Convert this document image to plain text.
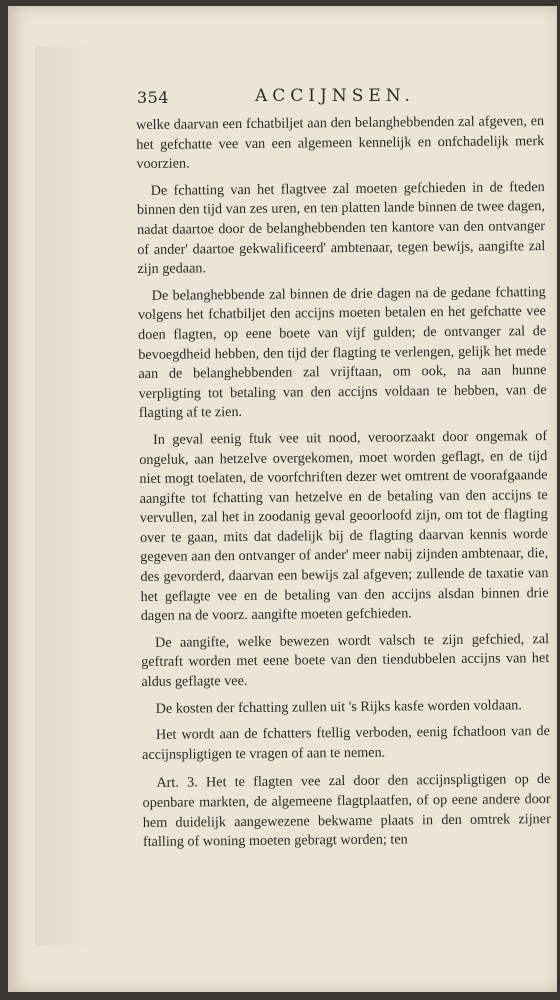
354	ACCIJNSEN.

welke daarvan een fchatbiljet aan den belanghebbenden zal afgeven, en het gefchatte vee van een algemeen kennelijk en onfchadelijk merk voorzien.

De fchatting van het flagtvee zal moeten gefchieden in de fteden binnen den tijd van zes uren, en ten platten lande binnen de twee dagen, nadat daartoe door de belanghebbenden ten kantore van den ontvanger of ander' daartoe gekwalificeerd' ambtenaar, tegen bewijs, aangifte zal zijn gedaan.

De belanghebbende zal binnen de drie dagen na de gedane fchatting volgens het fchatbiljet den accijns moeten betalen en het gefchatte vee doen flagten, op eene boete van vijf gulden; de ontvanger zal de bevoegdheid hebben, den tijd der flagting te verlengen, gelijk het mede aan de belanghebbenden zal vrijftaan, om ook, na aan hunne verpligting tot betaling van den accijns voldaan te hebben, van de flagting af te zien.

In geval eenig ftuk vee uit nood, veroorzaakt door ongemak of ongeluk, aan hetzelve overgekomen, moet worden geflagt, en de tijd niet mogt toelaten, de voorfchriften dezer wet omtrent de voorafgaande aangifte tot fchatting van hetzelve en de betaling van den accijns te vervullen, zal het in zoodanig geval geoorloofd zijn, om tot de flagting over te gaan, mits dat dadelijk bij de flagting daarvan kennis worde gegeven aan den ontvanger of ander' meer nabij zijnden ambtenaar, die, des gevorderd, daarvan een bewijs zal afgeven; zullende de taxatie van het geflagte vee en de betaling van den accijns alsdan binnen drie dagen na de voorz. aangifte moeten gefchieden.

De aangifte, welke bewezen wordt valsch te zijn gefchied, zal geftraft worden met eene boete van den tiendubbelen accijns van het aldus geflagte vee.

De kosten der fchatting zullen uit 's Rijks kasfe worden voldaan.

Het wordt aan de fchatters ftellig verboden, eenig fchatloon van de accijnspligtigen te vragen of aan te nemen.

Art. 3. Het te flagten vee zal door den accijnspligtigen op de openbare markten, de algemeene flagtplaatfen, of op eene andere door hem duidelijk aangewezene bekwame plaats in den omtrek zijner ftalling of woning moeten gebragt worden; ten
